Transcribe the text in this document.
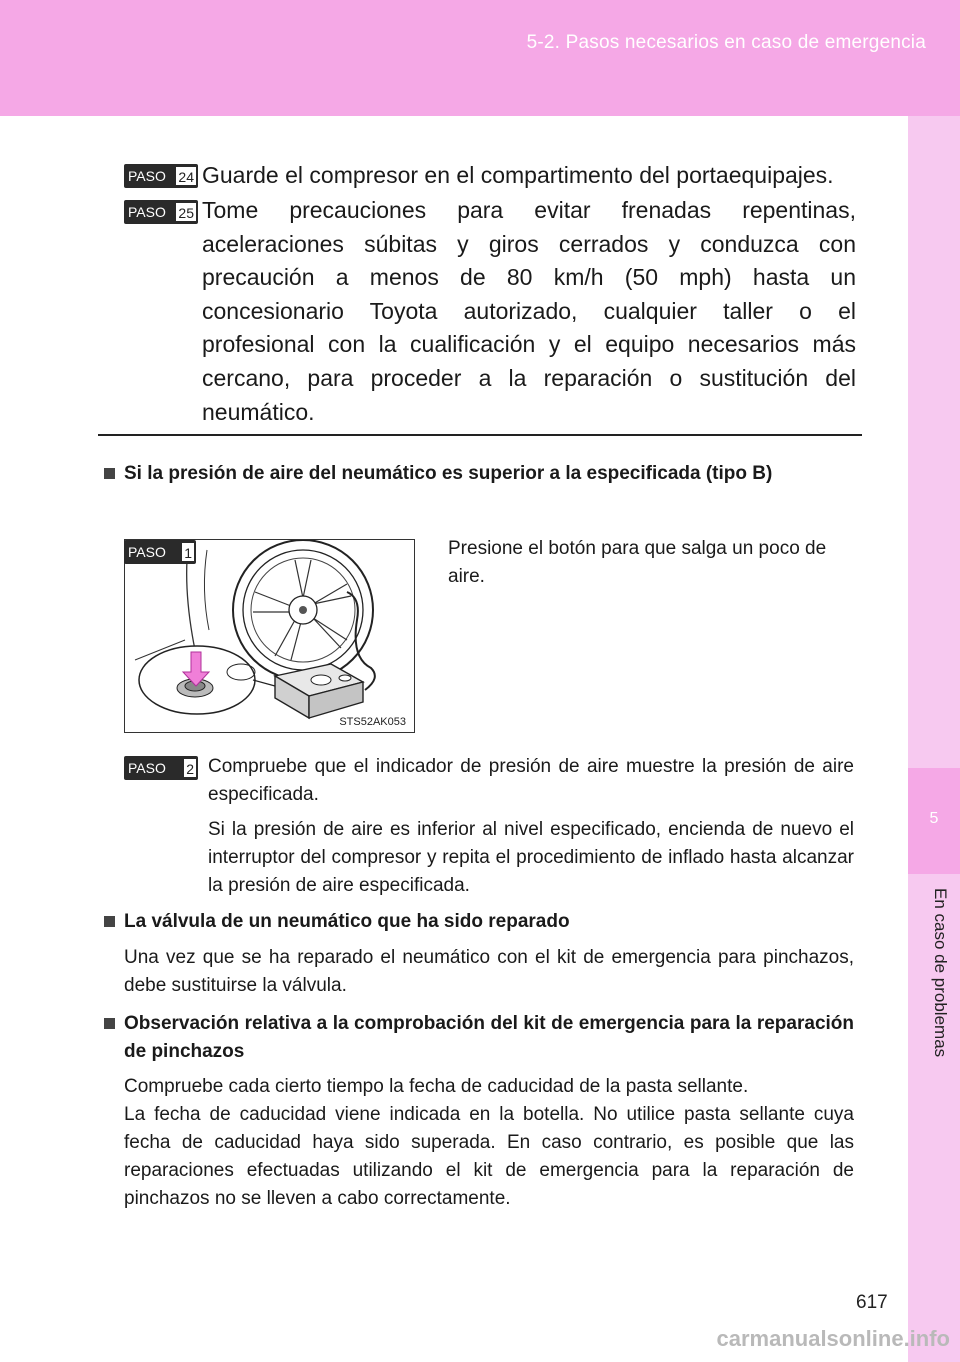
5-2. Pasos necesarios en caso de emergencia
5
En caso de problemas
PASO 24 Guarde el compresor en el compartimento del portaequipajes.
PASO 25 Tome precauciones para evitar frenadas repentinas, aceleraciones súbitas y giros cerrados y conduzca con precaución a menos de 80 km/h (50 mph) hasta un concesionario Toyota autorizado, cualquier taller o el profesional con la cualificación y el equipo necesarios más cercano, para proceder a la reparación o sustitución del neumático.
Si la presión de aire del neumático es superior a la especificada (tipo B)
PASO 1	Presione el botón para que salga un poco de aire.
STS52AK053
PASO 2 Compruebe que el indicador de presión de aire muestre la presión de aire especificada.
Si la presión de aire es inferior al nivel especificado, encienda de nuevo el interruptor del compresor y repita el procedimiento de inflado hasta alcanzar la presión de aire especificada.
La válvula de un neumático que ha sido reparado
Una vez que se ha reparado el neumático con el kit de emergencia para pinchazos, debe sustituirse la válvula.
Observación relativa a la comprobación del kit de emergencia para la reparación de pinchazos
Compruebe cada cierto tiempo la fecha de caducidad de la pasta sellante.
La fecha de caducidad viene indicada en la botella. No utilice pasta sellante cuya fecha de caducidad haya sido superada. En caso contrario, es posible que las reparaciones efectuadas utilizando el kit de emergencia para la reparación de pinchazos no se lleven a cabo correctamente.
617
carmanualsonline.info
